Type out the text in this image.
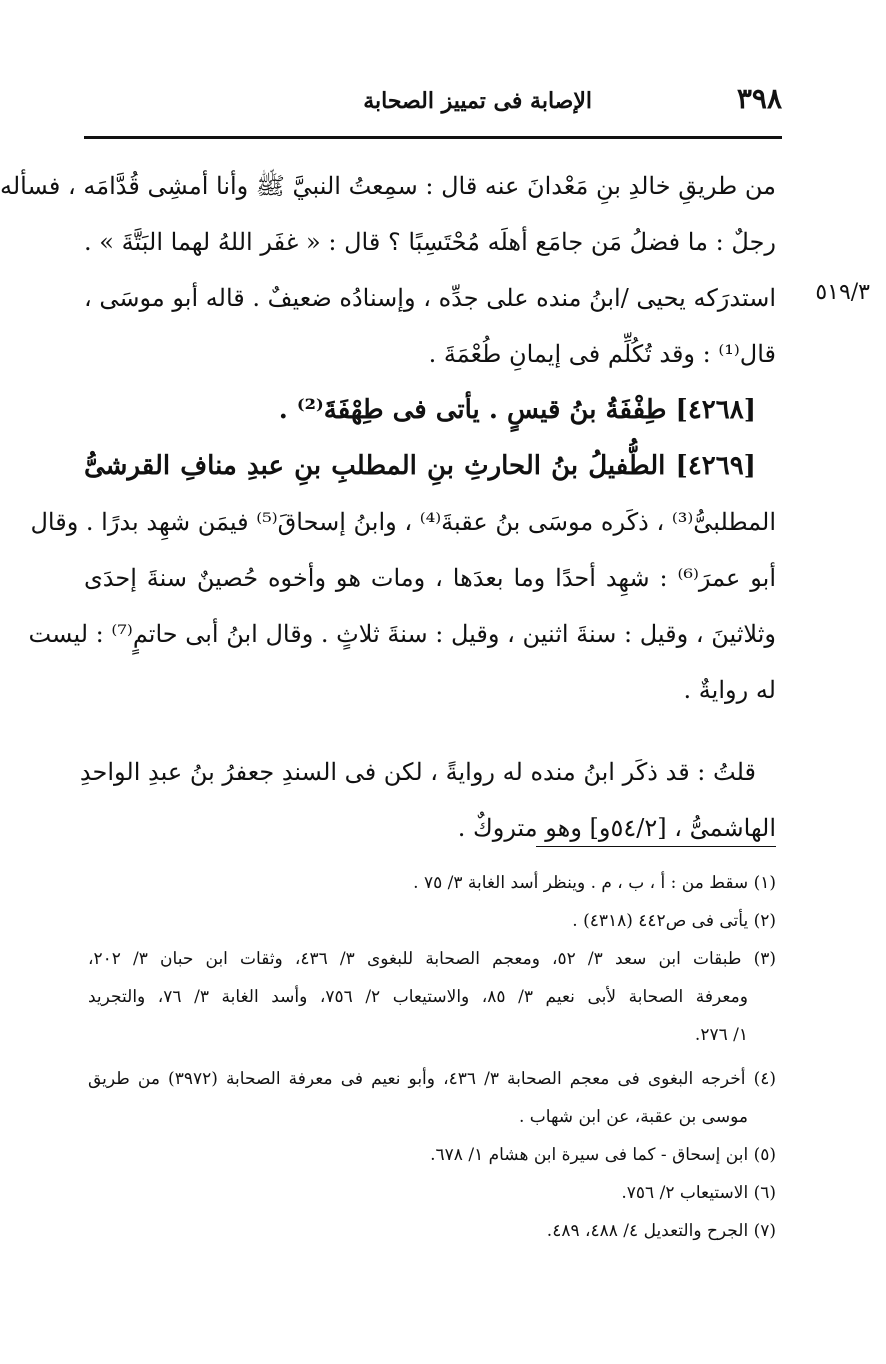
٣٩٨
الإصابة فى تمييز الصحابة
٥١٩/٣
من طريقِ خالدِ بنِ مَعْدانَ عنه قال : سمِعتُ النبيَّ ﷺ وأنا أمشِى قُدَّامَه ، فسأله
رجلٌ : ما فضلُ مَن جامَع أهلَه مُحْتَسِبًا ؟ قال : « غفَر اللهُ لهما البَتَّةَ » .
استدرَكه يحيى /ابنُ منده على جدِّه ، وإسنادُه ضعيفٌ . قاله أبو موسَى ،
قال⁽¹⁾ : وقد تُكُلِّم فى إيمانِ طُعْمَةَ .
[٤٢٦٨] طِفْفَةُ بنُ قيسٍ . يأتى فى طِهْفَةَ⁽²⁾ .
[٤٢٦٩] الطُّفيلُ بنُ الحارثِ بنِ المطلبِ بنِ عبدِ منافِ القرشىُّ
المطلبىُّ⁽³⁾ ، ذكَره موسَى بنُ عقبةَ⁽⁴⁾ ، وابنُ إسحاقَ⁽⁵⁾ فيمَن شهِد بدرًا . وقال
أبو عمرَ⁽⁶⁾ : شهِد أحدًا وما بعدَها ، ومات هو وأخوه حُصينٌ سنةَ إحدَى
وثلاثينَ ، وقيل : سنةَ اثنين ، وقيل : سنةَ ثلاثٍ . وقال ابنُ أبى حاتمٍ⁽⁷⁾ : ليست
له روايةٌ .
قلتُ : قد ذكَر ابنُ منده له روايةً ، لكن فى السندِ جعفرُ بنُ عبدِ الواحدِ
الهاشمىُّ ، [٥٤/٢و] وهو متروكٌ .
(١) سقط من : أ ، ب ، م . وينظر أسد الغابة ٣/ ٧٥ .
(٢) يأتى فى ص٤٤٢ (٤٣١٨) .
(٣) طبقات ابن سعد ٣/ ٥٢، ومعجم الصحابة للبغوى ٣/ ٤٣٦، وثقات ابن حبان ٣/ ٢٠٢،
ومعرفة الصحابة لأبى نعيم ٣/ ٨٥، والاستيعاب ٢/ ٧٥٦، وأسد الغابة ٣/ ٧٦، والتجريد
١/ ٢٧٦.
(٤) أخرجه البغوى فى معجم الصحابة ٣/ ٤٣٦، وأبو نعيم فى معرفة الصحابة (٣٩٧٢) من طريق
موسى بن عقبة، عن ابن شهاب .
(٥) ابن إسحاق - كما فى سيرة ابن هشام ١/ ٦٧٨.
(٦) الاستيعاب ٢/ ٧٥٦.
(٧) الجرح والتعديل ٤/ ٤٨٨، ٤٨٩.
